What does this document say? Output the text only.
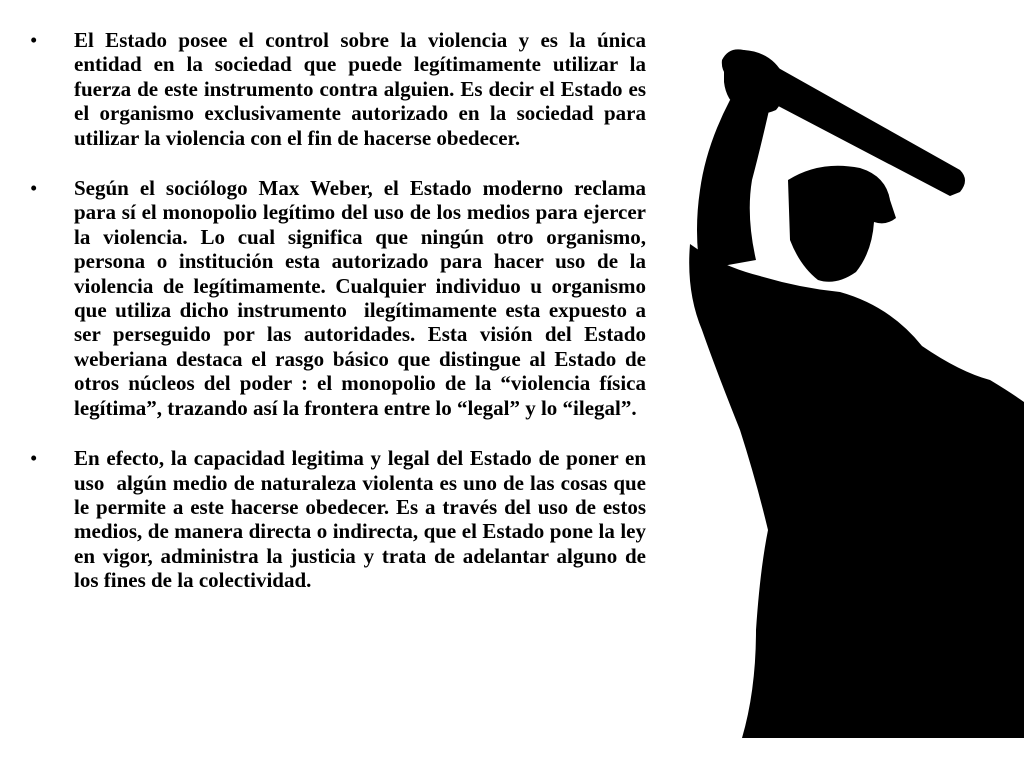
• El Estado posee el control sobre la violencia y es la única entidad en la sociedad que puede legítimamente utilizar la fuerza de este instrumento contra alguien. Es decir el Estado es el organismo exclusivamente autorizado en la sociedad para utilizar la violencia con el fin de hacerse obedecer.
• Según el sociólogo Max Weber, el Estado moderno reclama para sí el monopolio legítimo del uso de los medios para ejercer la violencia. Lo cual significa que ningún otro organismo, persona o institución esta autorizado para hacer uso de la violencia de legítimamente. Cualquier individuo u organismo que utiliza dicho instrumento  ilegítimamente esta expuesto a ser perseguido por las autoridades. Esta visión del Estado weberiana destaca el rasgo básico que distingue al Estado de otros núcleos del poder : el monopolio de la “violencia física legítima”, trazando así la frontera entre lo “legal” y lo “ilegal”.
• En efecto, la capacidad legitima y legal del Estado de poner en uso  algún medio de naturaleza violenta es uno de las cosas que le permite a este hacerse obedecer. Es a través del uso de estos medios, de manera directa o indirecta, que el Estado pone la ley en vigor, administra la justicia y trata de adelantar alguno de los fines de la colectividad.
